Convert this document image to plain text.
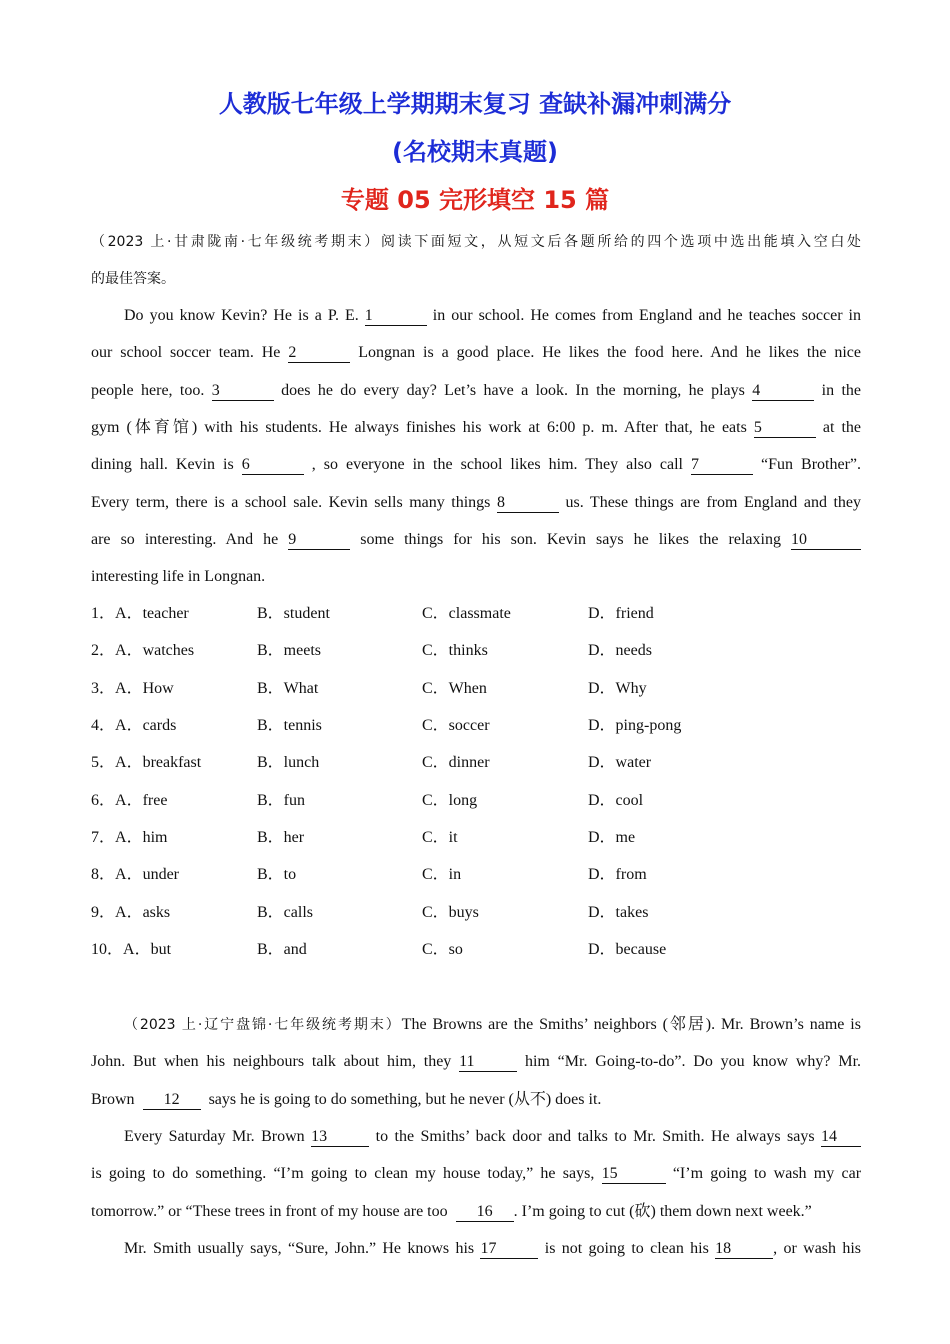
人教版七年级上学期期末复习 查缺补漏冲刺满分
(名校期末真题)
专题 05 完形填空 15 篇
（2023 上·甘肃陇南·七年级统考期末）阅读下面短文，从短文后各题所给的四个选项中选出能填入空白处
的最佳答案。
Do you know Kevin? He is a P. E. 1	in our school. He comes from England and he teaches soccer in
our school soccer team. He 2	Longnan is a good place. He likes the food here. And he likes the nice
people here, too. 3	does he do every day? Let’s have a look. In the morning, he plays 4	in the
gym (体育馆) with his students. He always finishes his work at 6:00 p. m. After that, he eats 5	at the
dining hall. Kevin is 6	, so everyone in the school likes him. They also call 7	“Fun Brother”.
Every term, there is a school sale. Kevin sells many things 8	us. These things are from England and they
are so interesting. And he 9	some things for his son. Kevin says he likes the relaxing 10
interesting life in Longnan.
1．A．teacher	B．student	C．classmate	D．friend
2．A．watches	B．meets	C．thinks	D．needs
3．A．How	B．What	C．When	D．Why
4．A．cards	B．tennis	C．soccer	D．ping-pong
5．A．breakfast	B．lunch	C．dinner	D．water
6．A．free	B．fun	C．long	D．cool
7．A．him	B．her	C．it	D．me
8．A．under	B．to	C．in	D．from
9．A．asks	B．calls	C．buys	D．takes
10．A．but	B．and	C．so	D．because
（2023 上·辽宁盘锦·七年级统考期末）The Browns are the Smiths’ neighbors (邻居). Mr. Brown’s name is
John. But when his neighbours talk about him, they 11	him “Mr. Going-to-do”. Do you know why? Mr.
Brown 12 says he is going to do something, but he never (从不) does it.
Every Saturday Mr. Brown 13	to the Smiths’ back door and talks to Mr. Smith. He always says 14
is going to do something. “I’m going to clean my house today,” he says, 15	“I’m going to wash my car
tomorrow.” or “These trees in front of my house are too 16 . I’m going to cut (砍) them down next week.”
Mr. Smith usually says, “Sure, John.” He knows his 17	is not going to clean his 18	, or wash his
